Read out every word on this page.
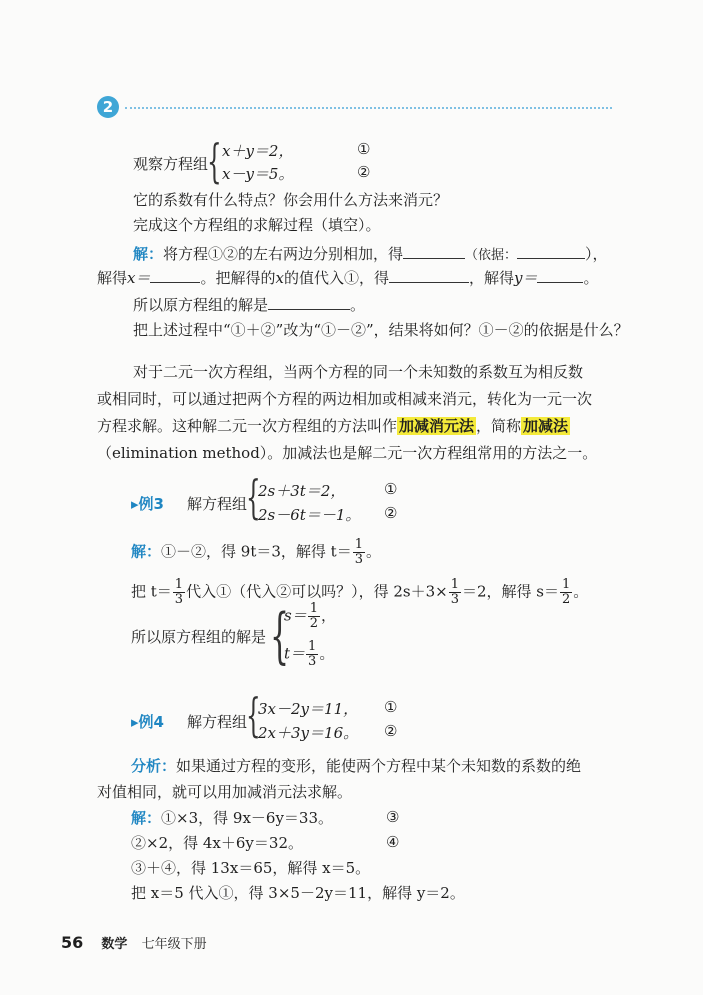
2
观察方程组
{ x＋y＝2，
x－y＝5。
①
②
它的系数有什么特点？你会用什么方法来消元？
完成这个方程组的求解过程（填空）。
解：将方程①②的左右两边分别相加，得	（依据：	），
解得x＝	。把解得的x的值代入①，得	，解得y＝	。
所以原方程组的解是	。
把上述过程中“①＋②”改为“①－②”，结果将如何？①－②的依据是什么？
对于二元一次方程组，当两个方程的同一个未知数的系数互为相反数
或相同时，可以通过把两个方程的两边相加或相减来消元，转化为一元一次
方程求解。这种解二元一次方程组的方法叫作 加减消元法 ，简称 加减法
（elimination method）。加减法也是解二元一次方程组常用的方法之一。
▸例3 解方程组
{
2s＋3t＝2，
2s－6t＝－1。
①
②
解：①－②，得 9t＝3，解得 $t= \frac{1}{3}$ 。
把 $t= \frac{1}{3}$ 代入①（代入②可以吗？），得 $2s+3\times \frac{1}{3} =2$，解得 $s= \frac{1}{2}$ 。
所以原方程组的解是 {
$s= \frac{1}{2}$ ，
$t= \frac{1}{3}$ 。
▸例4 解方程组
{
3x－2y＝11，
2x＋3y＝16。
①
②
分析：如果通过方程的变形，能使两个方程中某个未知数的系数的绝
对值相同，就可以用加减消元法求解。
解：①×3，得 9x－6y＝33。	③
②×2，得 4x＋6y＝32。	④
③＋④，得 13x＝65，解得 x＝5。
把 x＝5 代入①，得 3×5－2y＝11，解得 y＝2。
56 数学 七年级下册
